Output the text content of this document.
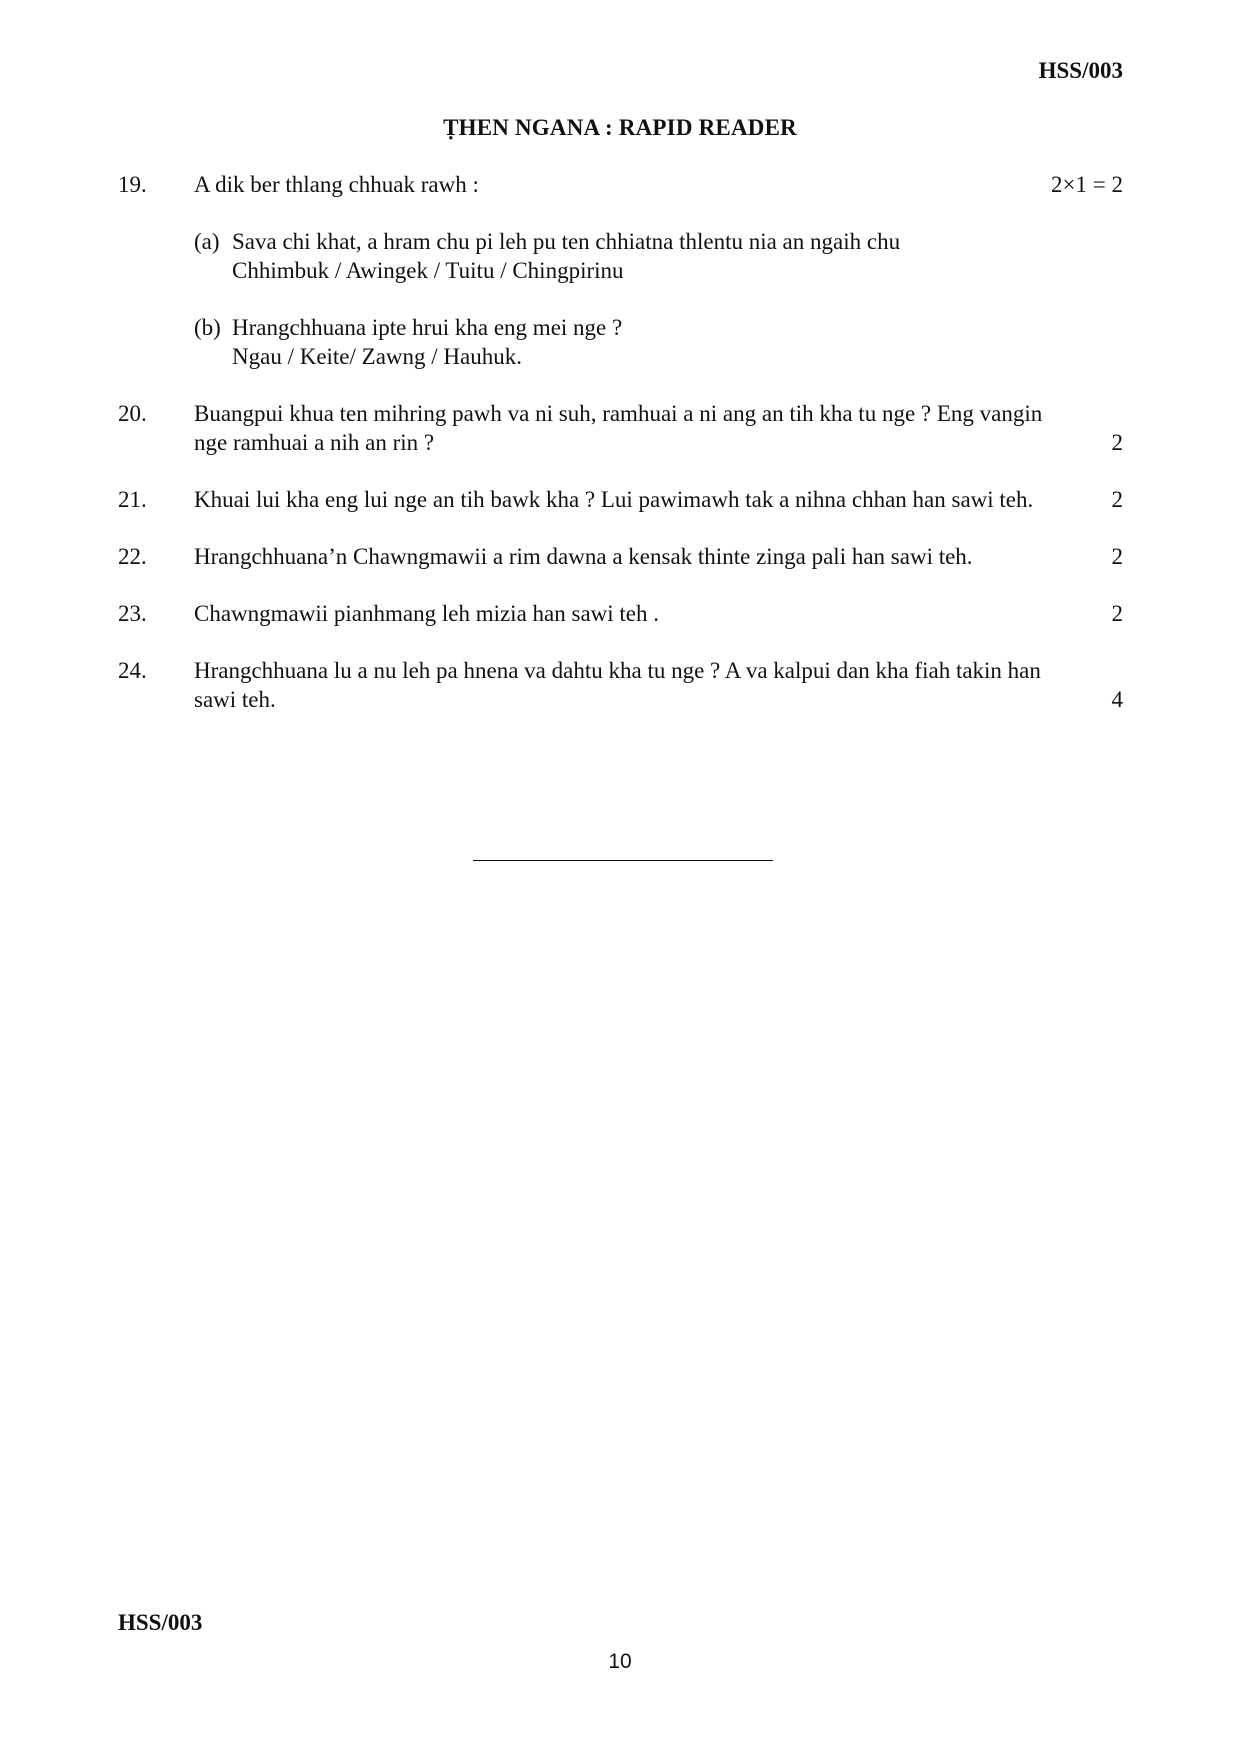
HSS/003
ṬHEN NGANA : RAPID READER
19.	A dik ber thlang chhuak rawh :	2×1 = 2
(a) Sava chi khat, a hram chu pi leh pu ten chhiatna thlentu nia an ngaih chu
Chhimbuk / Awingek / Tuitu / Chingpirinu
(b) Hrangchhuana ipte hrui kha eng mei nge ?
Ngau / Keite/ Zawng / Hauhuk.
20.	Buangpui khua ten mihring pawh va ni suh, ramhuai a ni ang an tih kha tu nge ? Eng vangin
nge ramhuai a nih an rin ?	2
21.	Khuai lui kha eng lui nge an tih bawk kha ? Lui pawimawh tak a nihna chhan han sawi teh.	2
22.	Hrangchhuana’n Chawngmawii a rim dawna a kensak thinte zinga pali han sawi teh.	2
23.	Chawngmawii pianhmang leh mizia han sawi teh .	2
24.	Hrangchhuana lu a nu leh pa hnena va dahtu kha tu nge ? A va kalpui dan kha fiah takin han
sawi teh.	4
HSS/003
10
